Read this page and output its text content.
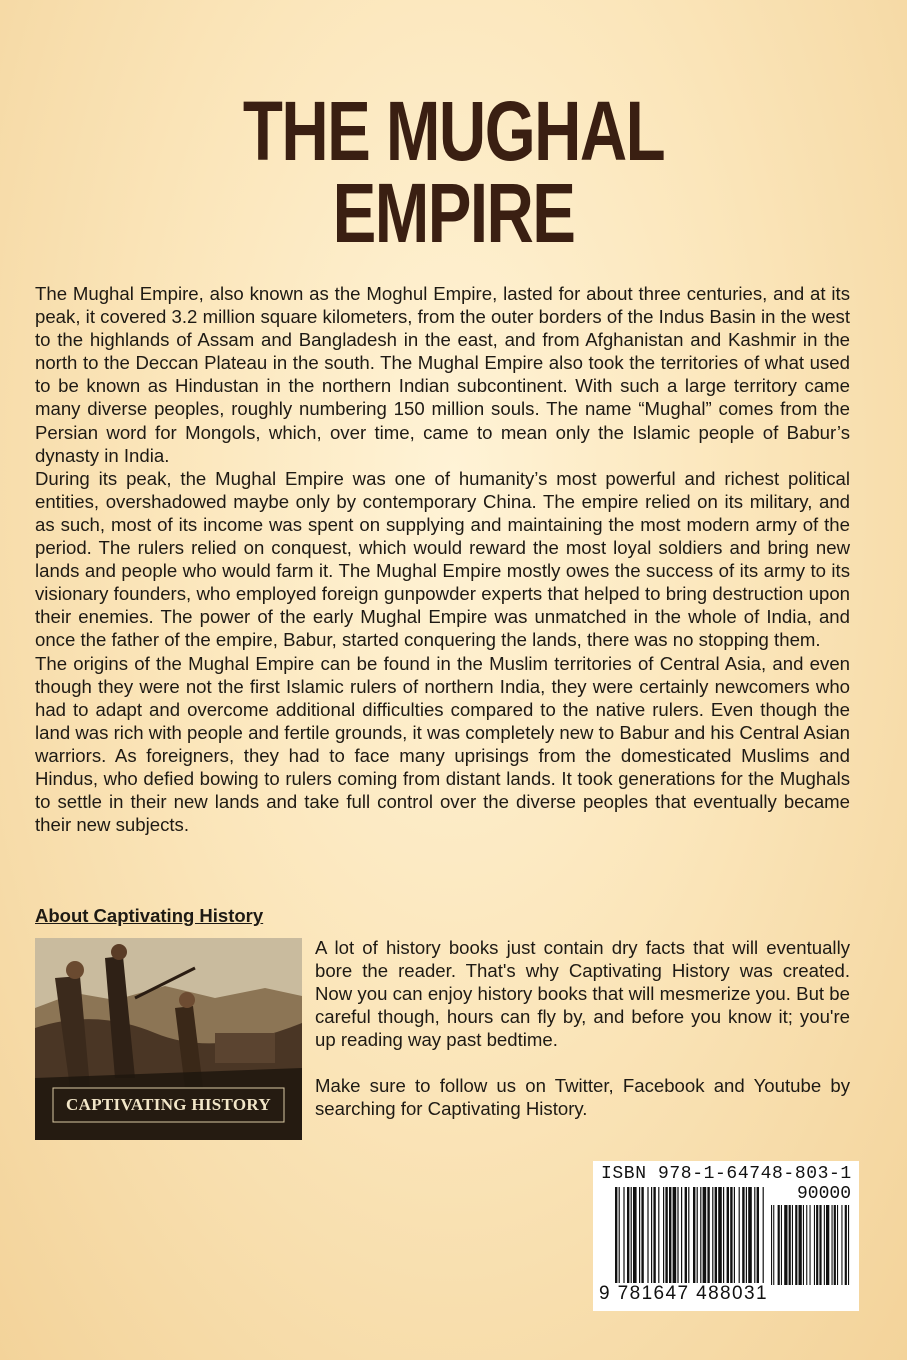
THE MUGHAL
EMPIRE

The Mughal Empire, also known as the Moghul Empire, lasted for about three centuries, and at its peak, it covered 3.2 million square kilometers, from the outer borders of the Indus Basin in the west to the highlands of Assam and Bangladesh in the east, and from Afghanistan and Kashmir in the north to the Deccan Plateau in the south. The Mughal Empire also took the territories of what used to be known as Hindustan in the northern Indian subcontinent. With such a large territory came many diverse peoples, roughly numbering 150 million souls. The name “Mughal” comes from the Persian word for Mongols, which, over time, came to mean only the Islamic people of Babur’s dynasty in India.

During its peak, the Mughal Empire was one of humanity’s most powerful and richest political entities, overshadowed maybe only by contemporary China. The empire relied on its military, and as such, most of its income was spent on supplying and maintaining the most modern army of the period. The rulers relied on conquest, which would reward the most loyal soldiers and bring new lands and people who would farm it. The Mughal Empire mostly owes the success of its army to its visionary founders, who employed foreign gunpowder experts that helped to bring destruction upon their enemies. The power of the early Mughal Empire was unmatched in the whole of India, and once the father of the empire, Babur, started conquering the lands, there was no stopping them.

The origins of the Mughal Empire can be found in the Muslim territories of Central Asia, and even though they were not the first Islamic rulers of northern India, they were certainly newcomers who had to adapt and overcome additional difficulties compared to the native rulers. Even though the land was rich with people and fertile grounds, it was completely new to Babur and his Central Asian warriors. As foreigners, they had to face many uprisings from the domesticated Muslims and Hindus, who defied bowing to rulers coming from distant lands. It took generations for the Mughals to settle in their new lands and take full control over the diverse peoples that eventually became their new subjects.

About Captivating History
CAPTIVATING HISTORY

A lot of history books just contain dry facts that will eventually bore the reader. That's why Captivating History was created. Now you can enjoy history books that will mesmerize you. But be careful though, hours can fly by, and before you know it; you're up reading way past bedtime.

Make sure to follow us on Twitter, Facebook and Youtube by searching for Captivating History.

ISBN 978-1-64748-803-1
90000
9 781647 488031
